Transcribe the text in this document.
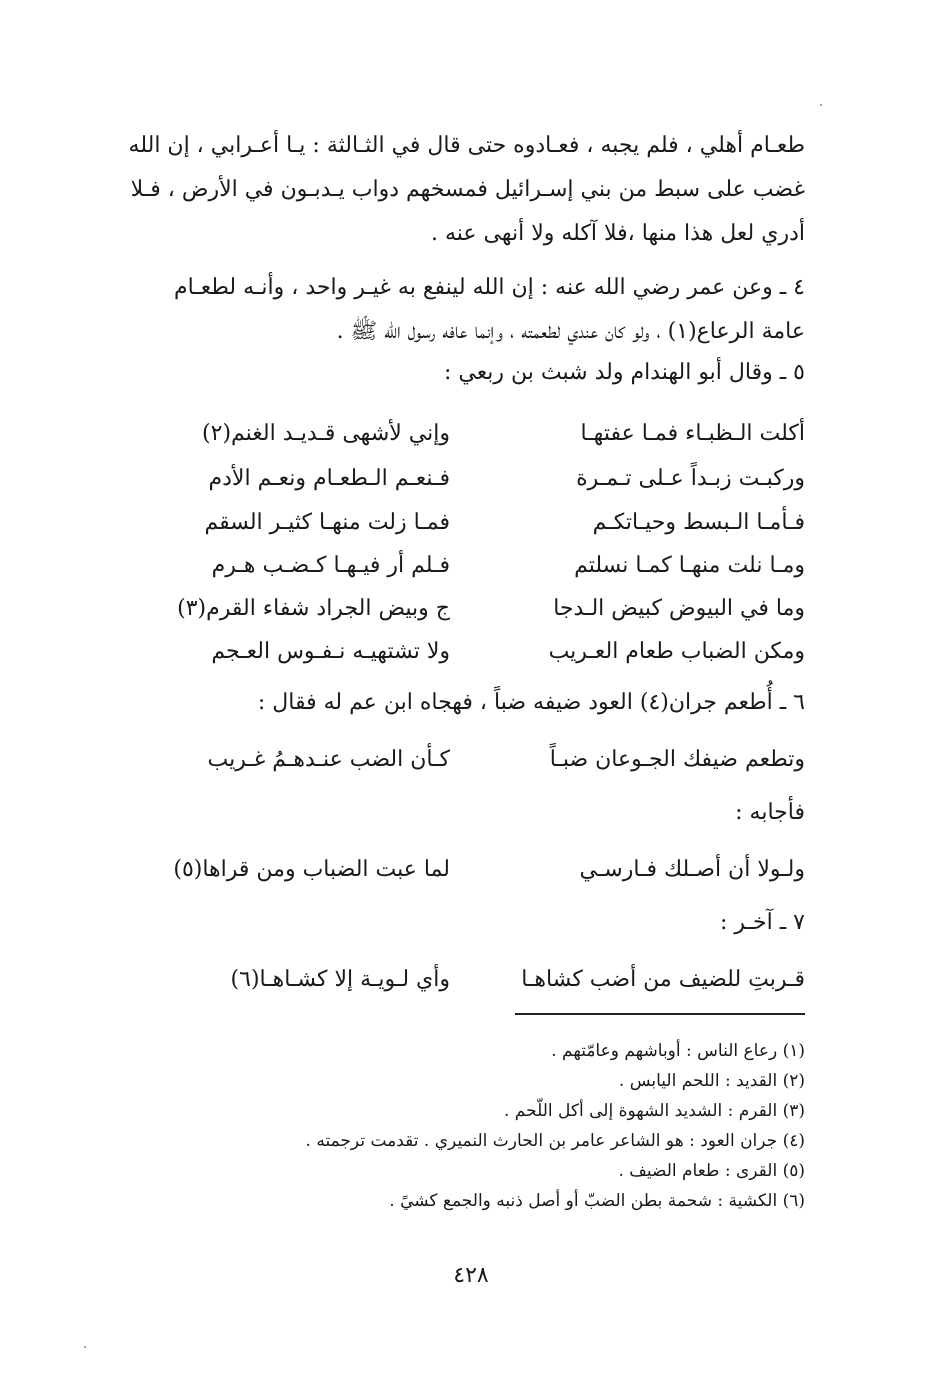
طعـام أهلي ، فلم يجبه ، فعـادوه حتى قال في الثـالثة : يـا أعـرابي ، إن الله
غضب على سبط من بني إسـرائيل فمسخهم دواب يـدبـون في الأرض ، فـلا
أدري لعل هذا منها ،فلا آكله ولا أنهى عنه .
٤ ـ وعن عمر رضي الله عنه : إن الله لينفع به غيـر واحد ، وأنـه لطعـام
عامة الرعاع(١) ، ولو كان عندي لطعمته ، وإنما عافه رسول الله ﷺ .
٥ ـ وقال أبو الهندام ولد شبث بن ربعي :
أكلت الـظبـاء فمـا عفتهـا
وإني لأشهى قـديـد الغنم(٢)
وركبـت زبـداً عـلى تـمـرة
فـنعـم الـطعـام ونعـم الأدم
فـأمـا الـبسط وحيـاتكـم
فمـا زلت منهـا كثيـر السقم
ومـا نلت منهـا كمـا نسلتم
فـلم أر فيـهـا كـضـب هـرم
وما في البيوض كبيض الـدجا
ج وبيض الجراد شفاء القرم(٣)
ومكن الضباب طعام العـريب
ولا تشتهيـه نـفـوس العـجم
٦ ـ أُطعم جران(٤) العود ضيفه ضباً ، فهجاه ابن عم له فقال :
وتطعم ضيفك الجـوعان ضبـاً
كـأن الضب عنـدهـمُ غـريب
فأجابه :
ولـولا أن أصـلك فـارسـي
لما عبت الضباب ومن قراها(٥)
٧ ـ آخـر :
قـربتِ للضيف من أضب كشاهـا
وأي لـويـة إلا كشـاهـا(٦)
(١) رعاع الناس : أوباشهم وعامّتهم .
(٢) القديد : اللحم اليابس .
(٣) القرم : الشديد الشهوة إلى أكل اللّحم .
(٤) جران العود : هو الشاعر عامر بن الحارث النميري . تقدمت ترجمته .
(٥) القرى : طعام الضيف .
(٦) الكشية : شحمة بطن الضبّ أو أصل ذنبه والجمع كشيً .
٤٢٨
